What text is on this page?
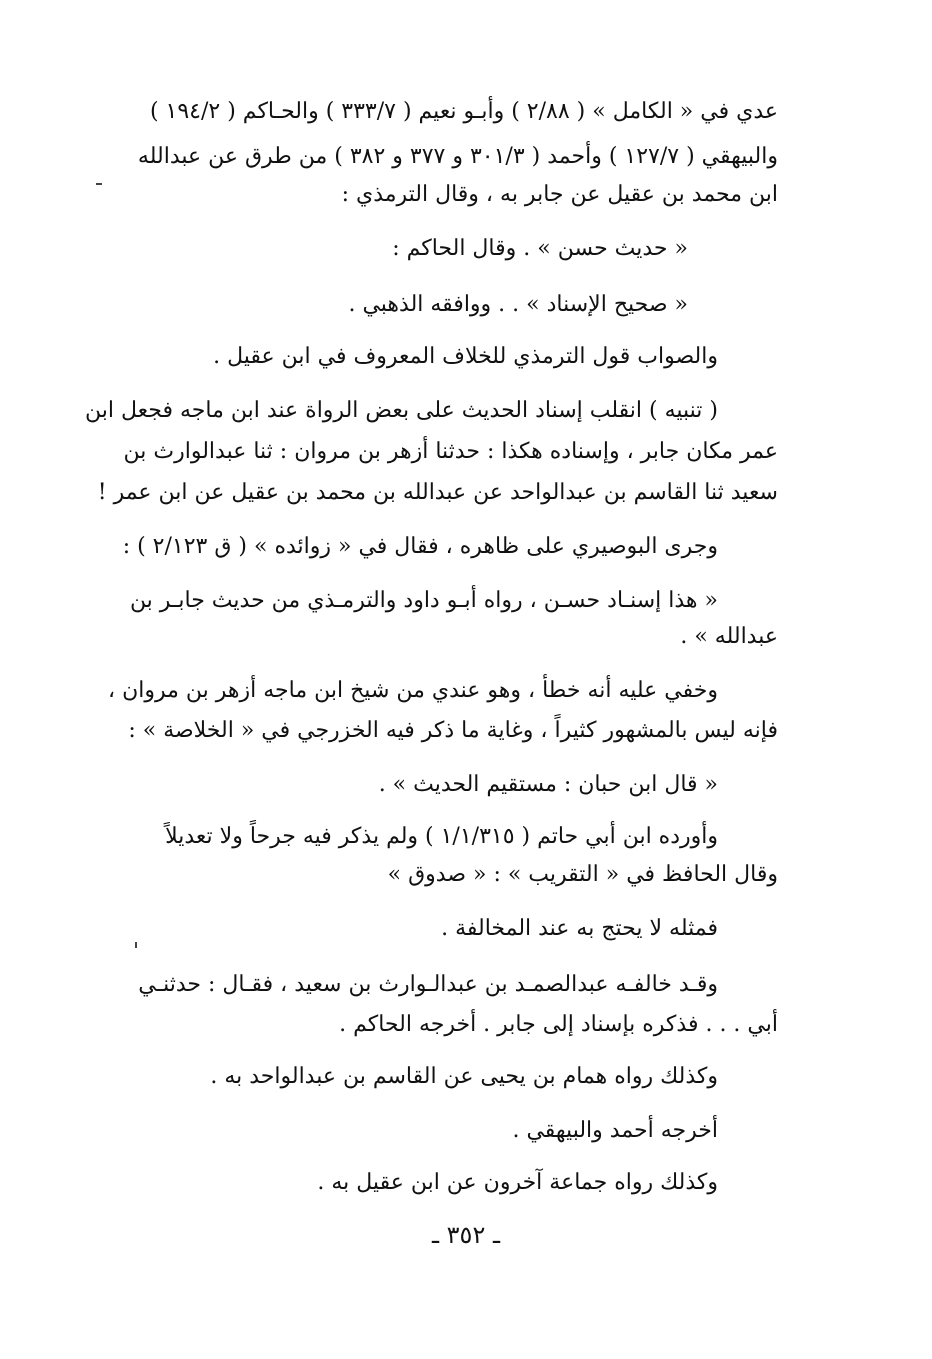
عدي في « الكامل » ( ٢/٨٨ ) وأبـو نعيم ( ٣٣٣/٧ ) والحـاكم ( ١٩٤/٢ )
والبيهقي ( ١٢٧/٧ ) وأحمد ( ٣٠١/٣ و ٣٧٧ و ٣٨٢ ) من طرق عن عبدالله
ابن محمد بن عقيل عن جابر به ، وقال الترمذي :
« حديث حسن » . وقال الحاكم :
« صحيح الإسناد » . . ووافقه الذهبي .
والصواب قول الترمذي للخلاف المعروف في ابن عقيل .
( تنبيه ) انقلب إسناد الحديث على بعض الرواة عند ابن ماجه فجعل ابن
عمر مكان جابر ، وإسناده هكذا : حدثنا أزهر بن مروان : ثنا عبدالوارث بن
سعيد ثنا القاسم بن عبدالواحد عن عبدالله بن محمد بن عقيل عن ابن عمر !
وجرى البوصيري على ظاهره ، فقال في « زوائده » ( ق ٢/١٢٣ ) :
« هذا إسنـاد حسـن ، رواه أبـو داود والترمـذي من حديث جابـر بن
عبدالله » .
وخفي عليه أنه خطأ ، وهو عندي من شيخ ابن ماجه أزهر بن مروان ،
فإنه ليس بالمشهور كثيراً ، وغاية ما ذكر فيه الخزرجي في « الخلاصة » :
« قال ابن حبان : مستقيم الحديث » .
وأورده ابن أبي حاتم ( ١/١/٣١٥ ) ولم يذكر فيه جرحاً ولا تعديلاً
وقال الحافظ في « التقريب » : « صدوق »
فمثله لا يحتج به عند المخالفة .
وقـد خالفـه عبدالصمـد بن عبدالـوارث بن سعيد ، فقـال : حدثنـي
أبي . . . فذكره بإسناد إلى جابر . أخرجه الحاكم .
وكذلك رواه همام بن يحيى عن القاسم بن عبدالواحد به .
أخرجه أحمد والبيهقي .
وكذلك رواه جماعة آخرون عن ابن عقيل به .
ـ ٣٥٢ ـ
